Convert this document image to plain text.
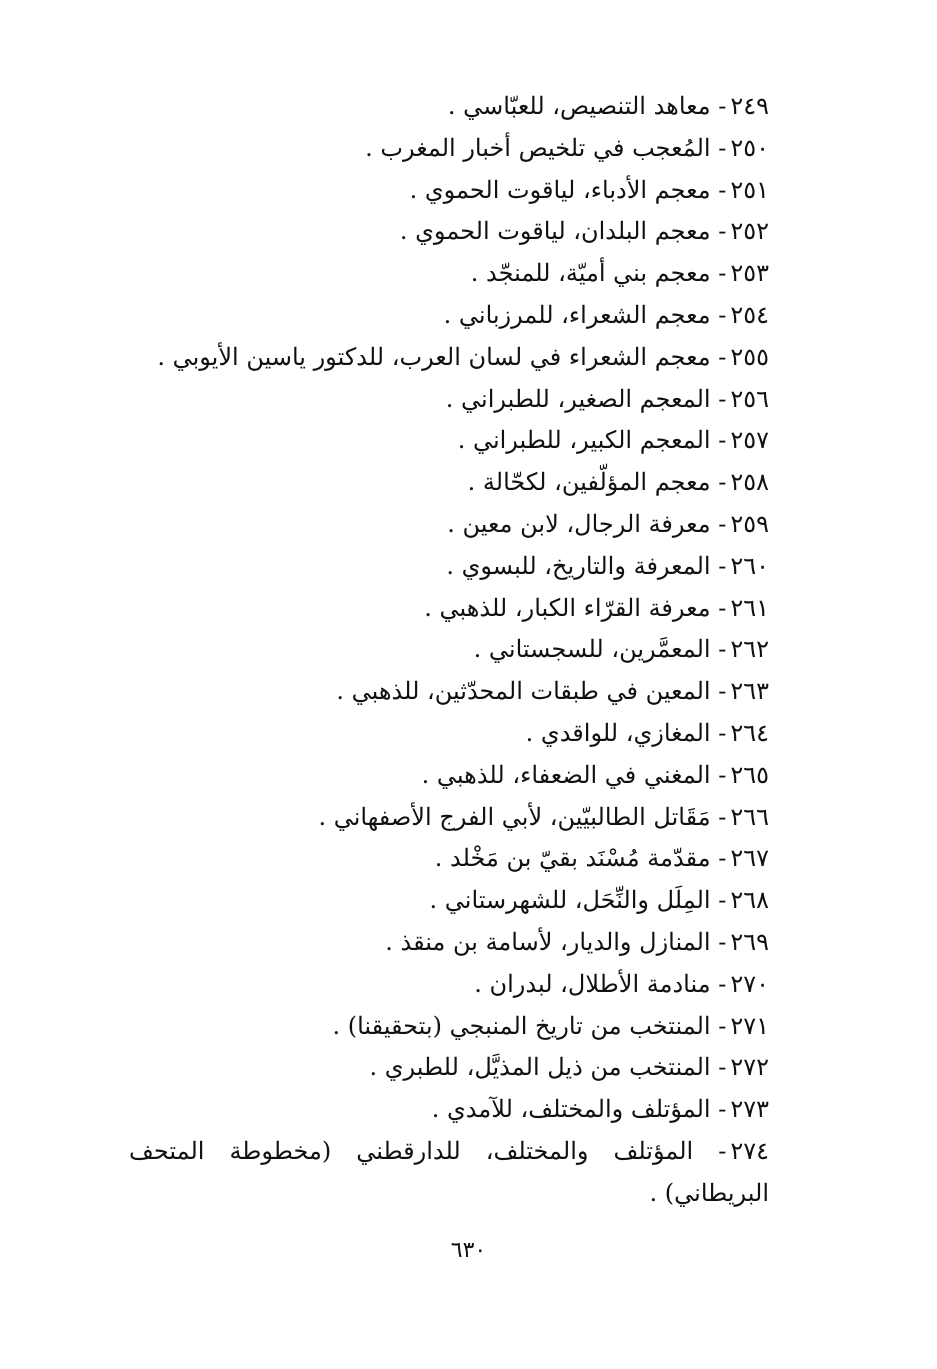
٢٤٩- معاهد التنصيص، للعبّاسي .
٢٥٠- المُعجب في تلخيص أخبار المغرب .
٢٥١- معجم الأدباء، لياقوت الحموي .
٢٥٢- معجم البلدان، لياقوت الحموي .
٢٥٣- معجم بني أميّة، للمنجّد .
٢٥٤- معجم الشعراء، للمرزباني .
٢٥٥- معجم الشعراء في لسان العرب، للدكتور ياسين الأيوبي .
٢٥٦- المعجم الصغير، للطبراني .
٢٥٧- المعجم الكبير، للطبراني .
٢٥٨- معجم المؤلّفين، لكحّالة .
٢٥٩- معرفة الرجال، لابن معين .
٢٦٠- المعرفة والتاريخ، للبسوي .
٢٦١- معرفة القرّاء الكبار، للذهبي .
٢٦٢- المعمَّرين، للسجستاني .
٢٦٣- المعين في طبقات المحدّثين، للذهبي .
٢٦٤- المغازي، للواقدي .
٢٦٥- المغني في الضعفاء، للذهبي .
٢٦٦- مَقَاتل الطالبيّين، لأبي الفرج الأصفهاني .
٢٦٧- مقدّمة مُسْنَد بقيّ بن مَخْلد .
٢٦٨- المِلَل والنِّحَل، للشهرستاني .
٢٦٩- المنازل والديار، لأسامة بن منقذ .
٢٧٠- منادمة الأطلال، لبدران .
٢٧١- المنتخب من تاريخ المنبجي (بتحقيقنا) .
٢٧٢- المنتخب من ذيل المذيَّل، للطبري .
٢٧٣- المؤتلف والمختلف، للآمدي .
٢٧٤- المؤتلف والمختلف، للدارقطني (مخطوطة المتحف البريطاني) .
٦٣٠
